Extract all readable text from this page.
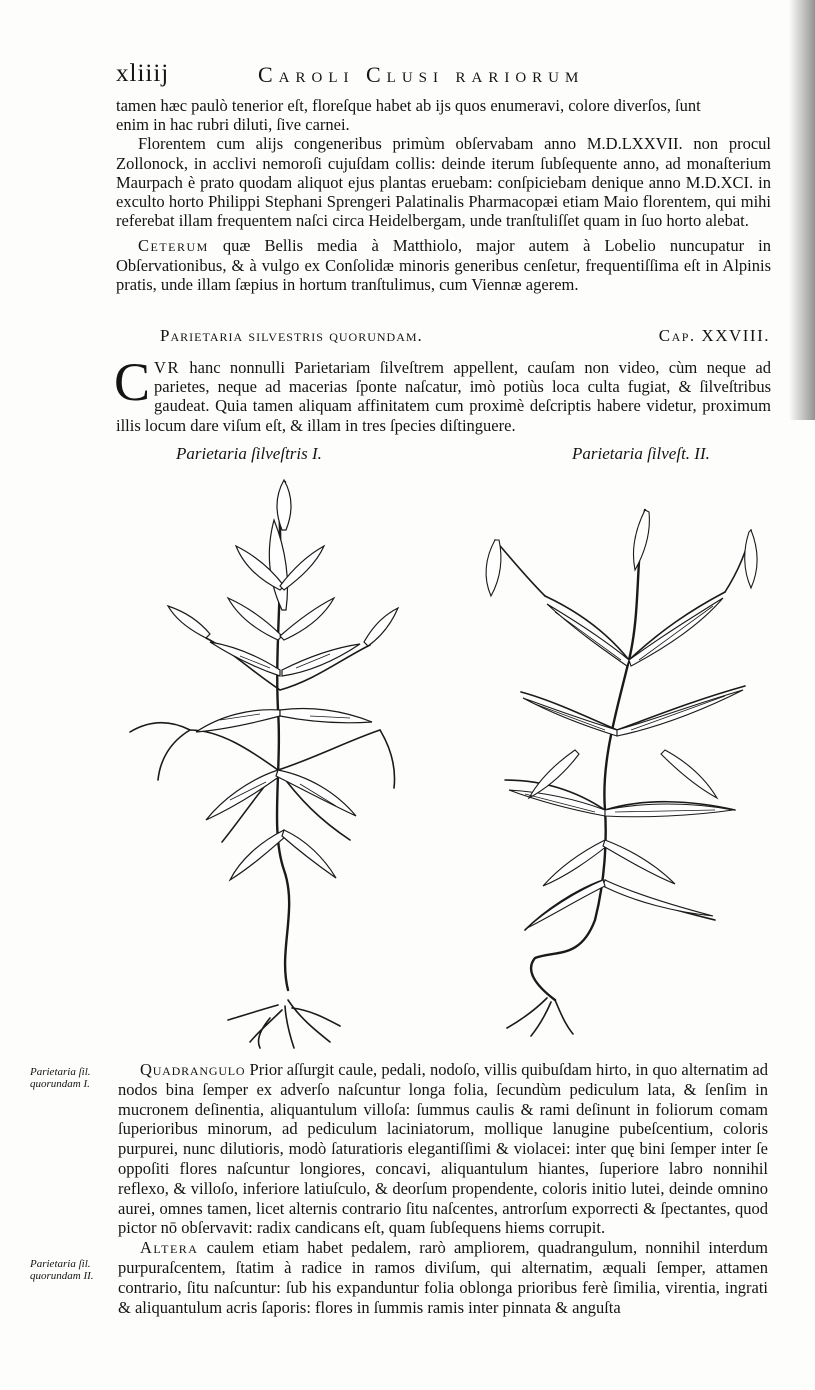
xliiij	Caroli Clusi rariorum

tamen hæc paulò tenerior eſt, floreſque habet ab ijs quos enumeravi, colore diverſos, ſunt

enim in hac rubri diluti, ſive carnei.

Florentem cum alijs congeneribus primùm obſervabam anno M.D.LXXVII. non procul Zollonock, in acclivi nemoroſi cujuſdam collis: deinde iterum ſubſequente anno, ad monaſterium Maurpach è prato quodam aliquot ejus plantas eruebam: conſpiciebam denique anno M.D.XCI. in exculto horto Philippi Stephani Sprengeri Palatinalis Pharmacopæi etiam Maio florentem, qui mihi referebat illam frequentem naſci circa Heidelbergam, unde tranſtuliſſet quam in ſuo horto alebat.

Ceterum quæ Bellis media à Matthiolo, major autem à Lobelio nuncupatur in Obſervationibus, & à vulgo ex Conſolidæ minoris generibus cenſetur, frequentiſſima eſt in Alpinis pratis, unde illam ſæpius in hortum tranſtulimus, cum Viennæ agerem.

Parietaria silvestris quorundam.	Cap. XXVIII.

CVR hanc nonnulli Parietariam ſilveſtrem appellent, cauſam non video, cùm neque ad parietes, neque ad macerias ſponte naſcatur, imò potiùs loca culta fugiat, & ſilveſtribus gaudeat. Quia tamen aliquam affinitatem cum proximè deſcriptis habere videtur, proximum illis locum dare viſum eſt, & illam in tres ſpecies diſtinguere.

Parietaria ſilveſtris I.	Parietaria ſilveſt. II.
Parietaria ſil. quorundam I.
Parietaria ſil. quorundam II.

Quadrangulo Prior aſſurgit caule, pedali, nodoſo, villis quibuſdam hirto, in quo alternatim ad nodos bina ſemper ex adverſo naſcuntur longa folia, ſecundùm pediculum lata, & ſenſim in mucronem deſinentia, aliquantulum villoſa: ſummus caulis & rami deſinunt in foliorum comam ſuperioribus minorum, ad pediculum laciniatorum, mollique lanugine pubeſcentium, coloris purpurei, nunc dilutioris, modò ſaturatioris elegantiſſimi & violacei: inter quę bini ſemper inter ſe oppoſiti flores naſcuntur longiores, concavi, aliquantulum hiantes, ſuperiore labro nonnihil reflexo, & villoſo, inferiore latiuſculo, & deorſum propendente, coloris initio lutei, deinde omnino aurei, omnes tamen, licet alternis contrario ſitu naſcentes, antrorſum exporrecti & ſpectantes, quod pictor nō obſervavit: radix candicans eſt, quam ſubſequens hiems corrupit.

Altera caulem etiam habet pedalem, rarò ampliorem, quadrangulum, nonnihil interdum purpuraſcentem, ſtatim à radice in ramos diviſum, qui alternatim, æquali ſemper, attamen contrario, ſitu naſcuntur: ſub his expanduntur folia oblonga prioribus ferè ſimilia, virentia, ingrati & aliquantulum acris ſaporis: flores in ſummis ramis inter pinnata & anguſta
